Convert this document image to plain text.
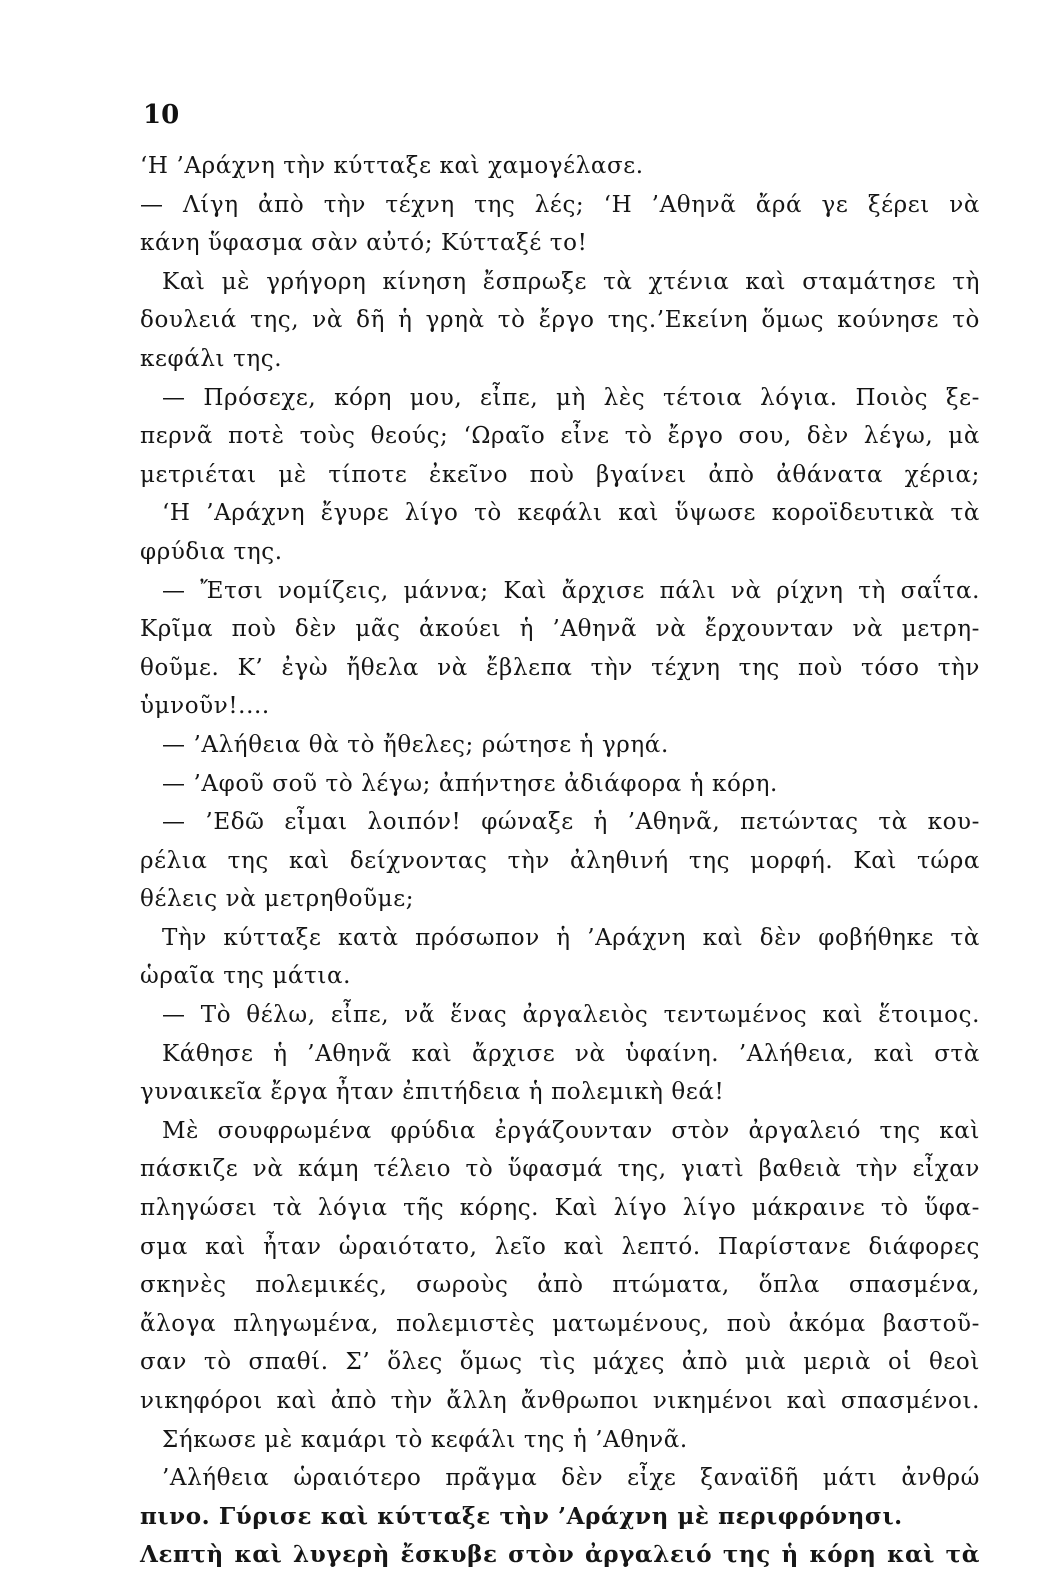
10
‘Η ’Αράχνη τὴν κύτταξε καὶ χαμογέλασε.
— Λίγη ἀπὸ τὴν τέχνη της λές; ‘Η ’Αθηνᾶ ἄρά γε ξέρει νὰ
κάνη ὕφασμα σὰν αὐτό; Κύτταξέ το!
Καὶ μὲ γρήγορη κίνηση ἔσπρωξε τὰ χτένια καὶ σταμάτησε τὴ
δουλειά της, νὰ δῆ ἡ γρηὰ τὸ ἔργο της.’Εκείνη ὅμως κούνησε τὸ
κεφάλι της.
— Πρόσεχε, κόρη μου, εἶπε, μὴ λὲς τέτοια λόγια. Ποιὸς ξε-
περνᾶ ποτὲ τοὺς θεούς; ‘Ωραῖο εἶνε τὸ ἔργο σου, δὲν λέγω, μὰ
μετριέται μὲ τίποτε ἐκεῖνο ποὺ βγαίνει ἀπὸ ἀθάνατα χέρια;
‘Η ’Αράχνη ἔγυρε λίγο τὸ κεφάλι καὶ ὕψωσε κοροϊδευτικὰ τὰ
φρύδια της.
— Ἔτσι νομίζεις, μάννα; Καὶ ἄρχισε πάλι νὰ ρίχνη τὴ σαΐτα.
Κρῖμα ποὺ δὲν μᾶς ἀκούει ἡ ’Αθηνᾶ νὰ ἔρχουνταν νὰ μετρη-
θοῦμε. Κ’ ἐγὼ ἤθελα νὰ ἔβλεπα τὴν τέχνη της ποὺ τόσο τὴν
ὑμνοῦν!....
— ’Αλήθεια θὰ τὸ ἤθελες; ρώτησε ἡ γρηά.
— ’Αφοῦ σοῦ τὸ λέγω; ἀπήντησε ἀδιάφορα ἡ κόρη.
— ’Εδῶ εἶμαι λοιπόν! φώναξε ἡ ’Αθηνᾶ, πετώντας τὰ κου-
ρέλια της καὶ δείχνοντας τὴν ἀληθινή της μορφή. Καὶ τώρα
θέλεις νὰ μετρηθοῦμε;
Τὴν κύτταξε κατὰ πρόσωπον ἡ ’Αράχνη καὶ δὲν φοβήθηκε τὰ
ὡραῖα της μάτια.
— Τὸ θέλω, εἶπε, νἄ ἕνας ἀργαλειὸς τεντωμένος καὶ ἕτοιμος.
Κάθησε ἡ ’Αθηνᾶ καὶ ἄρχισε νὰ ὑφαίνη. ’Αλήθεια, καὶ στὰ
γυναικεῖα ἔργα ἦταν ἐπιτήδεια ἡ πολεμικὴ θεά!
Μὲ σουφρωμένα φρύδια ἐργάζουνταν στὸν ἀργαλειό της καὶ
πάσκιζε νὰ κάμη τέλειο τὸ ὕφασμά της, γιατὶ βαθειὰ τὴν εἶχαν
πληγώσει τὰ λόγια τῆς κόρης. Καὶ λίγο λίγο μάκραινε τὸ ὕφα-
σμα καὶ ἦταν ὡραιότατο, λεῖο καὶ λεπτό. Παρίστανε διάφορες
σκηνὲς πολεμικές, σωροὺς ἀπὸ πτώματα, ὅπλα σπασμένα,
ἄλογα πληγωμένα, πολεμιστὲς ματωμένους, ποὺ ἀκόμα βαστοῦ-
σαν τὸ σπαθί. Σ’ ὅλες ὅμως τὶς μάχες ἀπὸ μιὰ μεριὰ οἱ θεοὶ
νικηφόροι καὶ ἀπὸ τὴν ἄλλη ἄνθρωποι νικημένοι καὶ σπασμένοι.
Σήκωσε μὲ καμάρι τὸ κεφάλι της ἡ ’Αθηνᾶ.
’Αλήθεια ὡραιότερο πρᾶγμα δὲν εἶχε ξαναϊδῆ μάτι ἀνθρώ
πινο. Γύρισε καὶ κύτταξε τὴν ’Αράχνη μὲ περιφρόνησι.
Λεπτὴ καὶ λυγερὴ ἔσκυβε στὸν ἀργαλειό της ἡ κόρη καὶ τὰ
